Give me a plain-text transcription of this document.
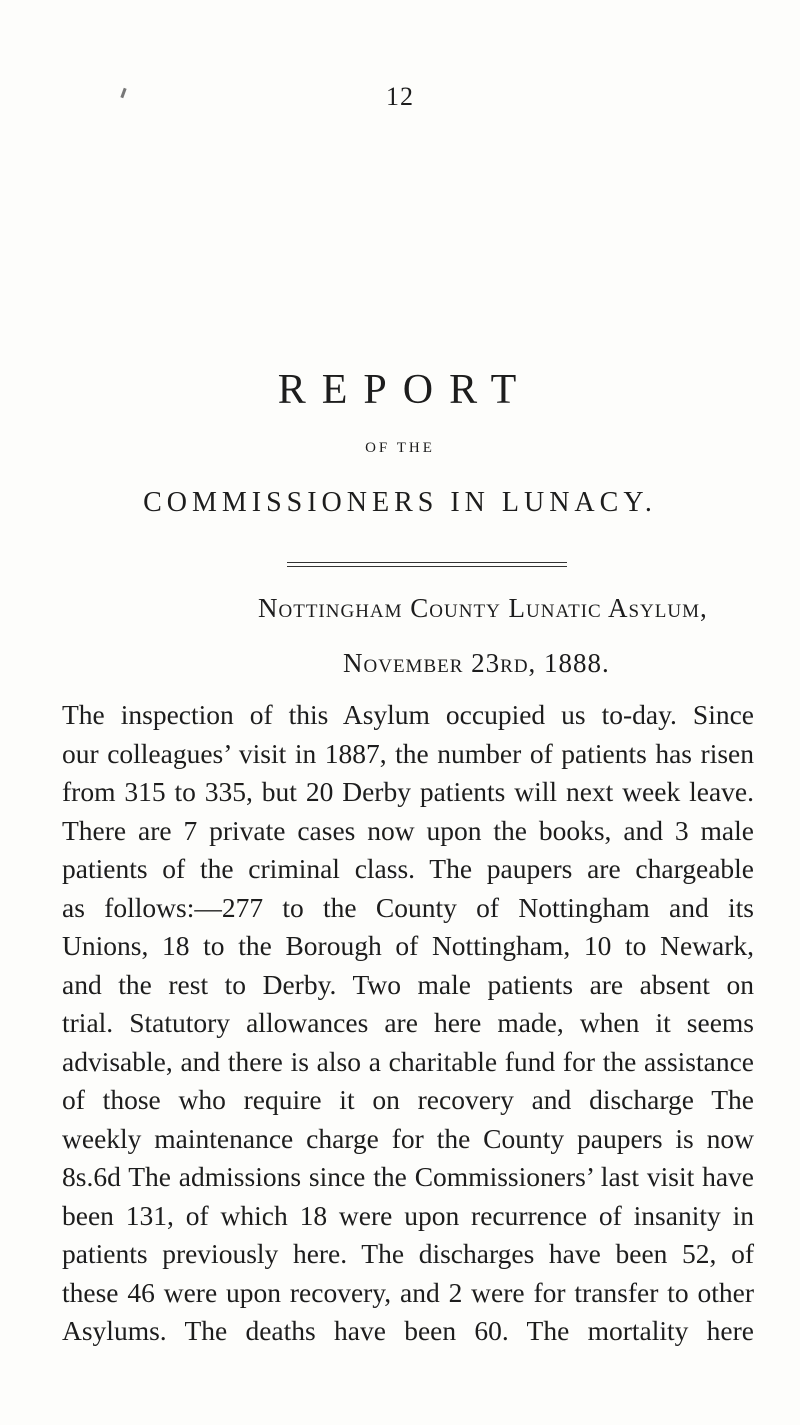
12
REPORT
OF THE
COMMISSIONERS IN LUNACY.
Nottingham County Lunatic Asylum,
November 23rd, 1888.
The inspection of this Asylum occupied us to-day. Since
our colleagues’ visit in 1887, the number of patients has risen
from 315 to 335, but 20 Derby patients will next week leave.
There are 7 private cases now upon the books, and 3 male
patients of the criminal class. The paupers are chargeable
as follows:—277 to the County of Nottingham and its
Unions, 18 to the Borough of Nottingham, 10 to Newark,
and the rest to Derby. Two male patients are absent on
trial. Statutory allowances are here made, when it seems
advisable, and there is also a charitable fund for the assistance
of those who require it on recovery and discharge The
weekly maintenance charge for the County paupers is now
8s.6d The admissions since the Commissioners’ last visit have
been 131, of which 18 were upon recurrence of insanity in
patients previously here. The discharges have been 52, of
these 46 were upon recovery, and 2 were for transfer to other
Asylums. The deaths have been 60. The mortality here
